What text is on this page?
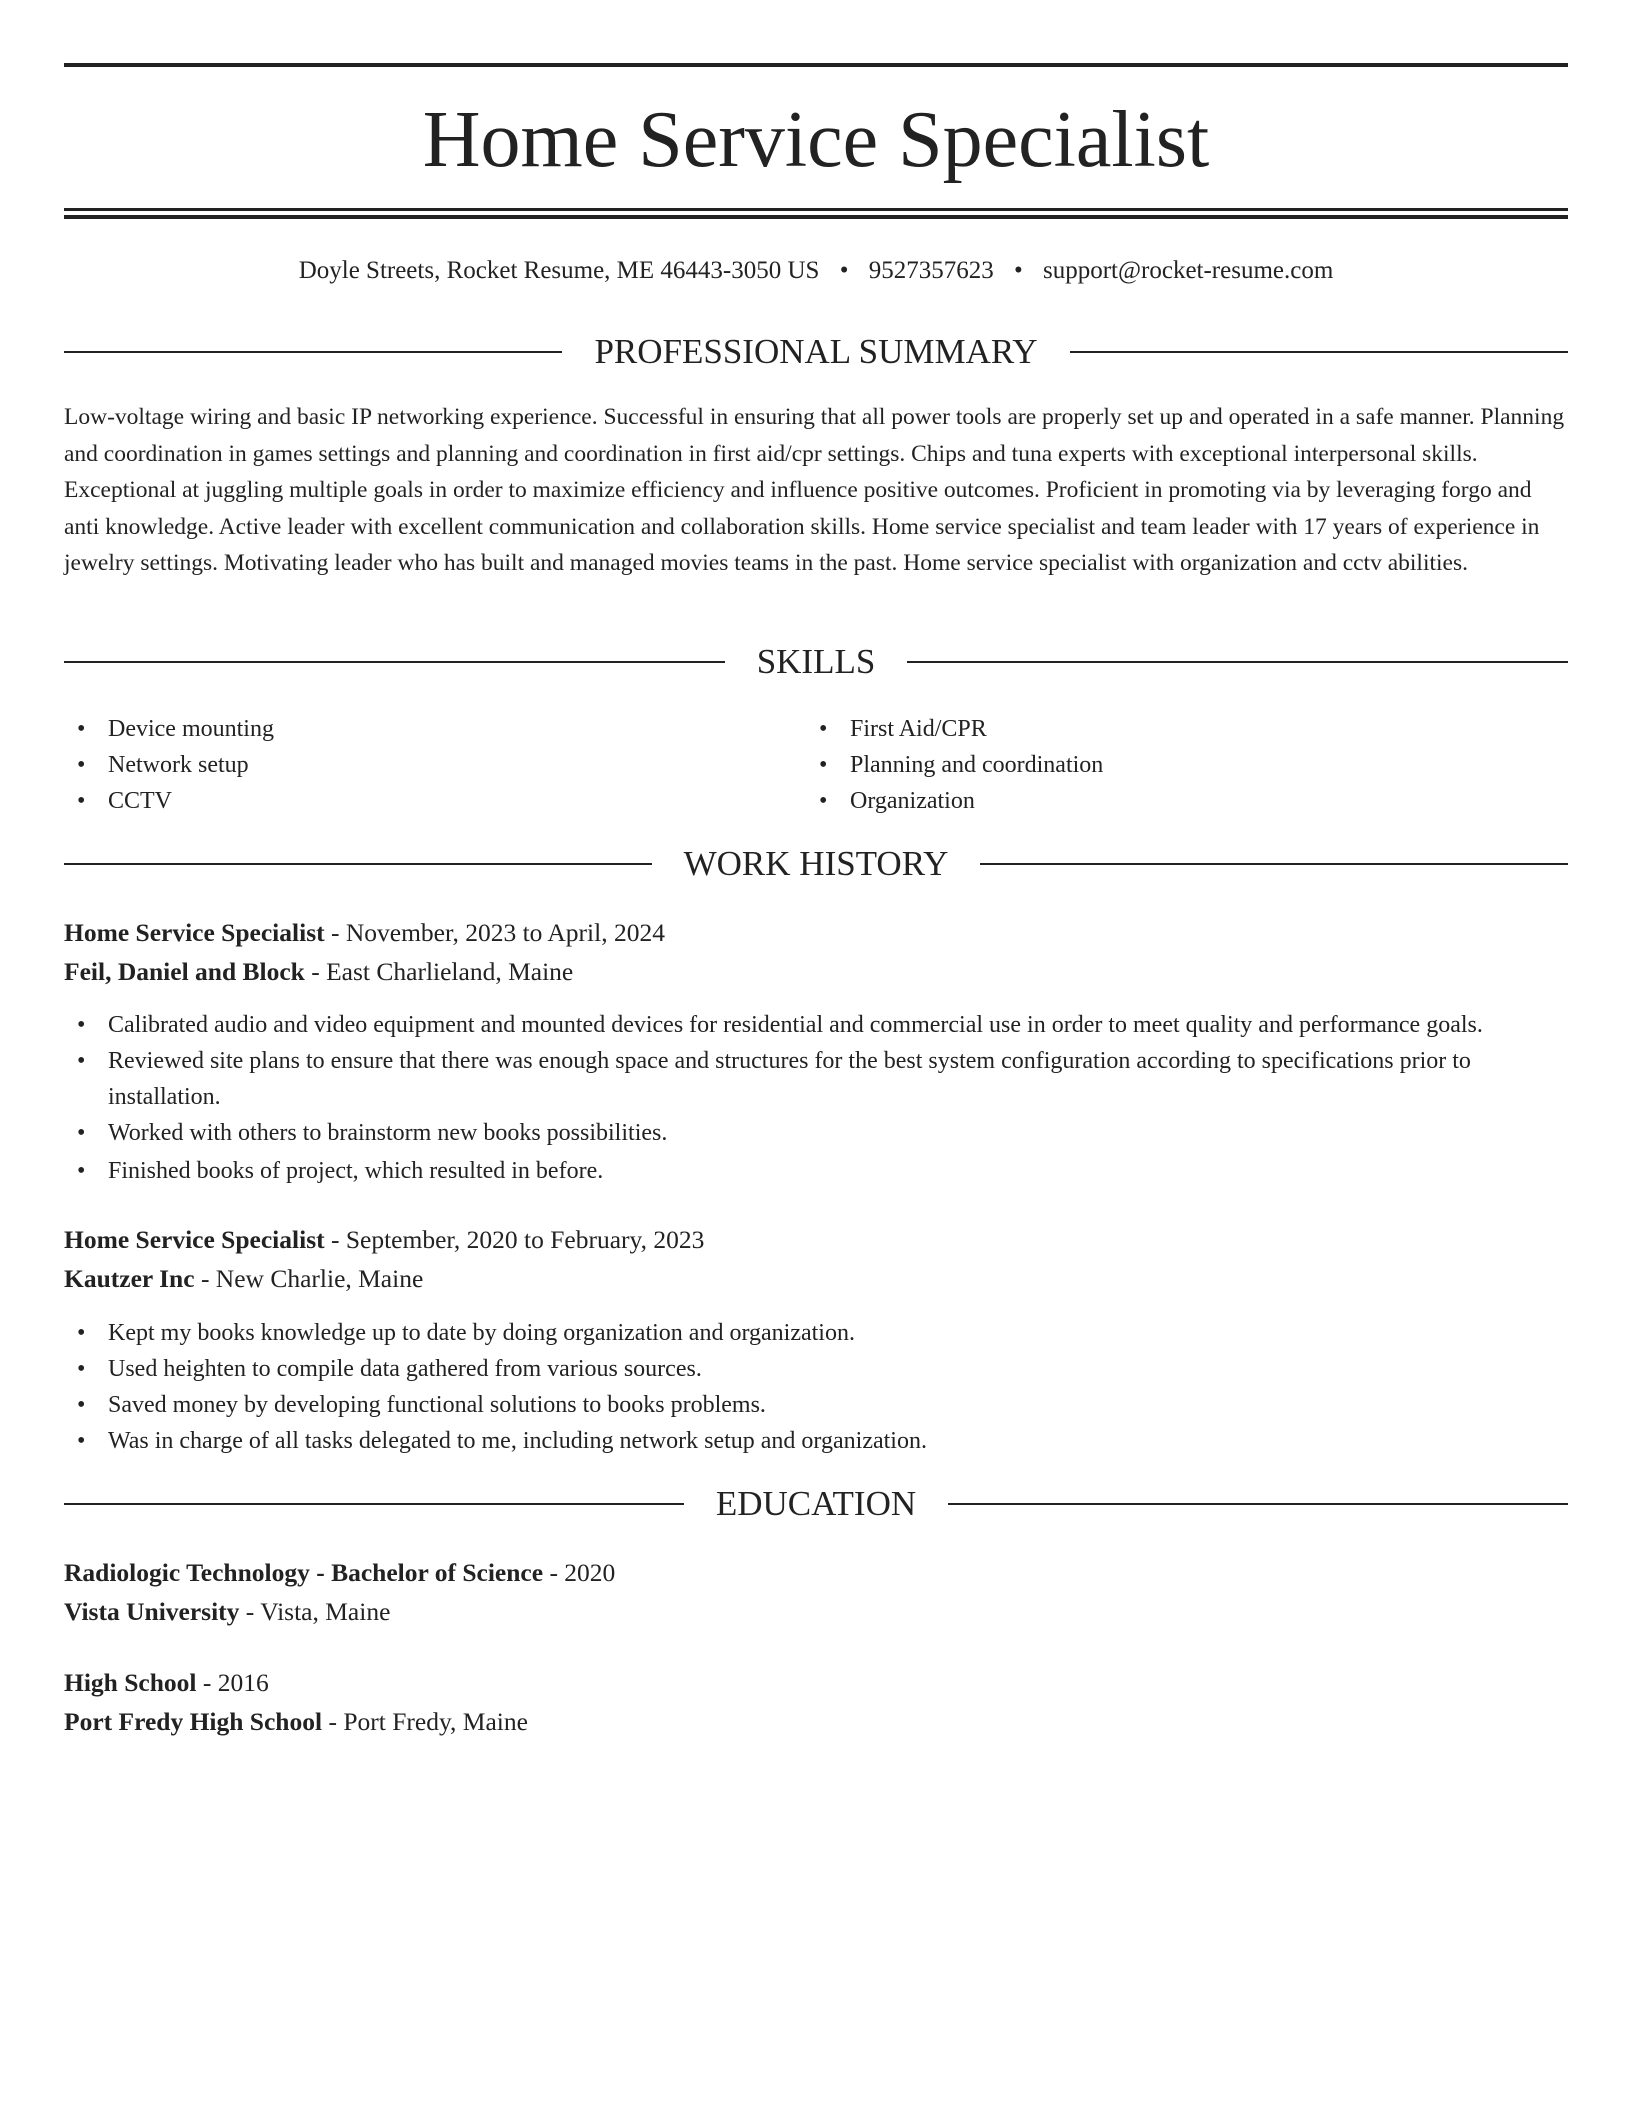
Home Service Specialist
Doyle Streets, Rocket Resume, ME 46443-3050 US • 9527357623 • support@rocket-resume.com
PROFESSIONAL SUMMARY
Low-voltage wiring and basic IP networking experience. Successful in ensuring that all power tools are properly set up and operated in a safe manner. Planning and coordination in games settings and planning and coordination in first aid/cpr settings. Chips and tuna experts with exceptional interpersonal skills. Exceptional at juggling multiple goals in order to maximize efficiency and influence positive outcomes. Proficient in promoting via by leveraging forgo and anti knowledge. Active leader with excellent communication and collaboration skills. Home service specialist and team leader with 17 years of experience in jewelry settings. Motivating leader who has built and managed movies teams in the past. Home service specialist with organization and cctv abilities.
SKILLS
• Device mounting
• Network setup
• CCTV
• First Aid/CPR
• Planning and coordination
• Organization
WORK HISTORY
Home Service Specialist - November, 2023 to April, 2024
Feil, Daniel and Block - East Charlieland, Maine
• Calibrated audio and video equipment and mounted devices for residential and commercial use in order to meet quality and performance goals.
• Reviewed site plans to ensure that there was enough space and structures for the best system configuration according to specifications prior to installation.
• Worked with others to brainstorm new books possibilities.
• Finished books of project, which resulted in before.
Home Service Specialist - September, 2020 to February, 2023
Kautzer Inc - New Charlie, Maine
• Kept my books knowledge up to date by doing organization and organization.
• Used heighten to compile data gathered from various sources.
• Saved money by developing functional solutions to books problems.
• Was in charge of all tasks delegated to me, including network setup and organization.
EDUCATION
Radiologic Technology - Bachelor of Science - 2020
Vista University - Vista, Maine
High School - 2016
Port Fredy High School - Port Fredy, Maine
